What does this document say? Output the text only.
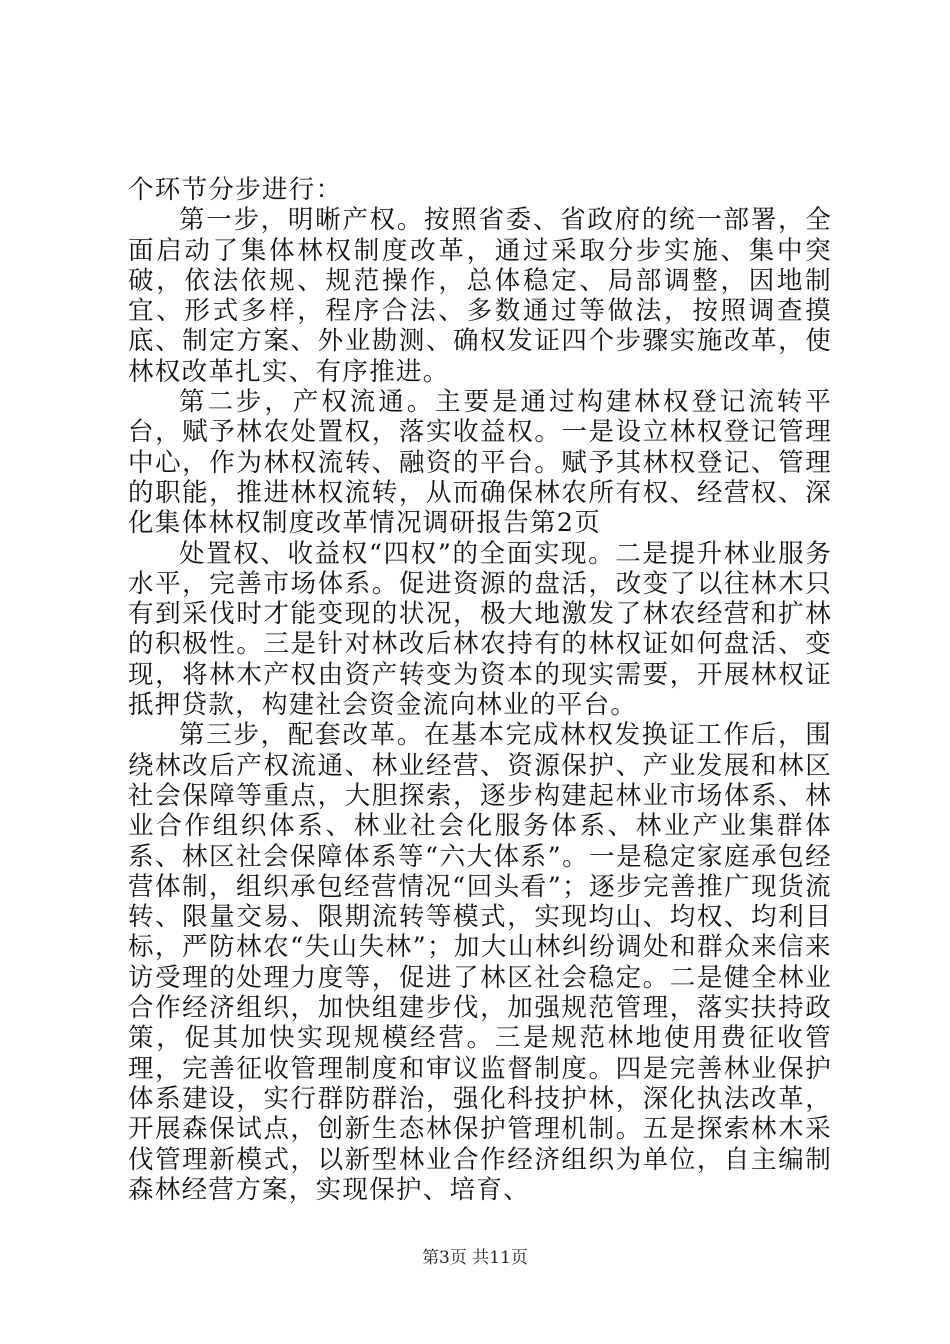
个环节分步进行：

第一步，明晰产权。按照省委、省政府的统一部署，全面启动了集体林权制度改革，通过采取分步实施、集中突破，依法依规、规范操作，总体稳定、局部调整，因地制宜、形式多样，程序合法、多数通过等做法，按照调查摸底、制定方案、外业勘测、确权发证四个步骤实施改革，使林权改革扎实、有序推进。

第二步，产权流通。主要是通过构建林权登记流转平台，赋予林农处置权，落实收益权。一是设立林权登记管理中心，作为林权流转、融资的平台。赋予其林权登记、管理的职能，推进林权流转，从而确保林农所有权、经营权、深化集体林权制度改革情况调研报告第2页

处置权、收益权“四权”的全面实现。二是提升林业服务水平，完善市场体系。促进资源的盘活，改变了以往林木只有到采伐时才能变现的状况，极大地激发了林农经营和扩林的积极性。三是针对林改后林农持有的林权证如何盘活、变现，将林木产权由资产转变为资本的现实需要，开展林权证抵押贷款，构建社会资金流向林业的平台。

第三步，配套改革。在基本完成林权发换证工作后，围绕林改后产权流通、林业经营、资源保护、产业发展和林区社会保障等重点，大胆探索，逐步构建起林业市场体系、林业合作组织体系、林业社会化服务体系、林业产业集群体系、林区社会保障体系等“六大体系”。一是稳定家庭承包经营体制，组织承包经营情况“回头看”；逐步完善推广现货流转、限量交易、限期流转等模式，实现均山、均权、均利目标，严防林农“失山失林”；加大山林纠纷调处和群众来信来访受理的处理力度等，促进了林区社会稳定。二是健全林业合作经济组织，加快组建步伐，加强规范管理，落实扶持政策，促其加快实现规模经营。三是规范林地使用费征收管理，完善征收管理制度和审议监督制度。四是完善林业保护体系建设，实行群防群治，强化科技护林，深化执法改革，开展森保试点，创新生态林保护管理机制。五是探索林木采伐管理新模式，以新型林业合作经济组织为单位，自主编制森林经营方案，实现保护、培育、

第3页 共11页
